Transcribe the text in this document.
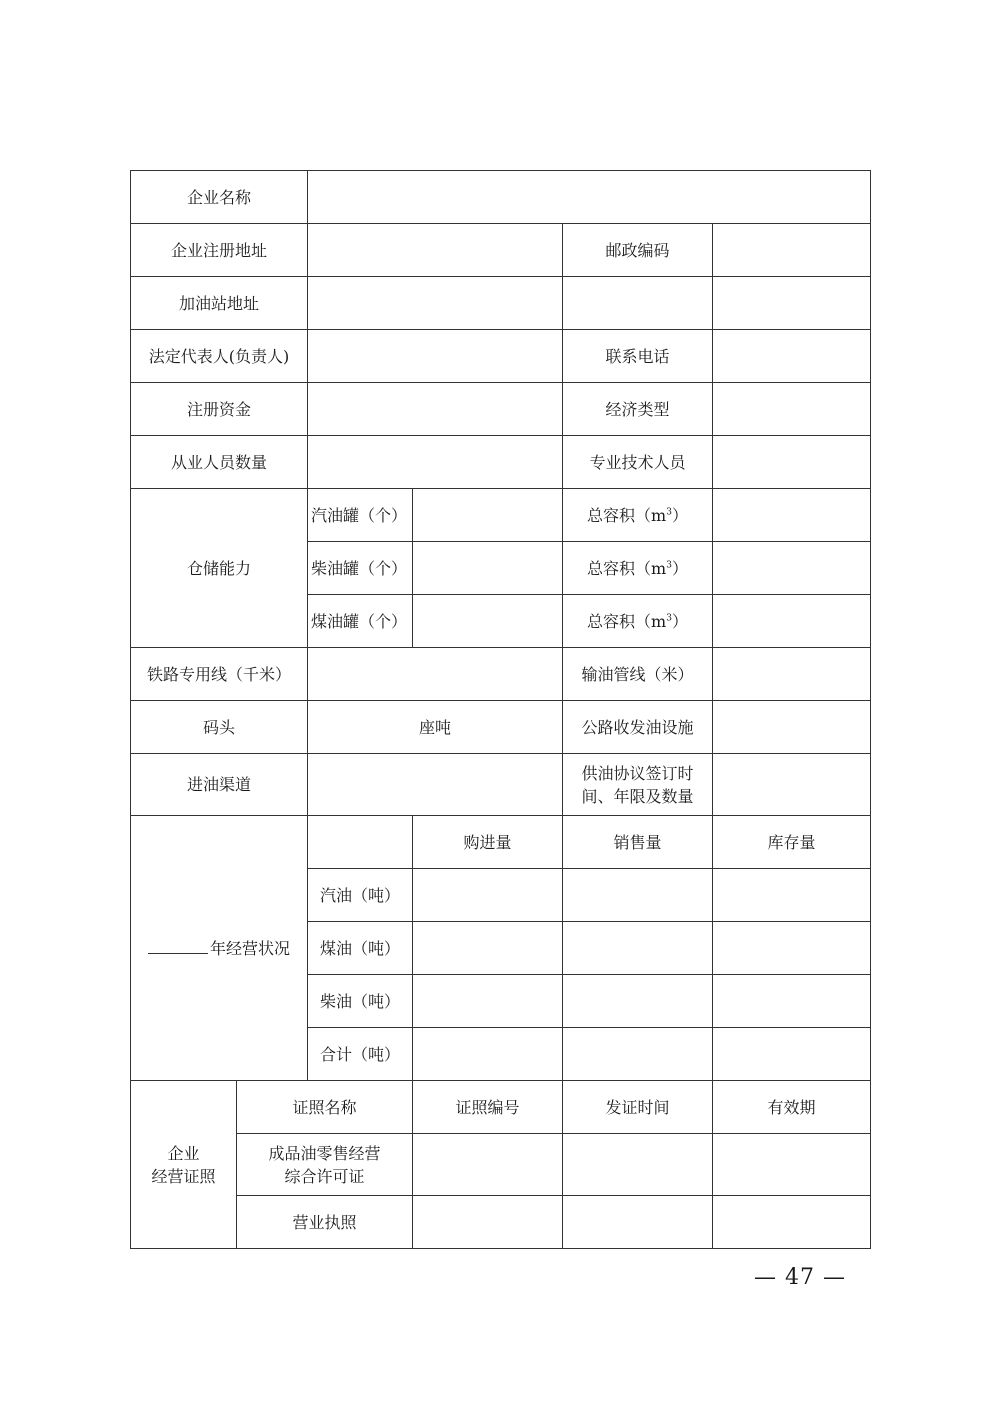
企业名称					
企业注册地址				邮政编码	
加油站地址					
法定代表人(负责人)				联系电话	
注册资金				经济类型	
从业人员数量				专业技术人员	
仓储能力		汽油罐（个）		总容积$(m^3)$	
		柴油罐（个）		总容积$(m^3)$	
		煤油罐（个）		总容积$(m^3)$	
铁路专用线（千米）				输油管线（米）	
码头		座吨		公路收发油设施	
进油渠道				供油协议签订时
间、年限及数量	
年经营状况			购进量	销售量	库存量
		汽油（吨）			
		煤油（吨）			
		柴油（吨）			
		合计（吨）			
企业
经营证照	证照名称		证照编号	发证时间	有效期
	成品油零售经营
综合许可证				
	营业执照				
— 47 —
